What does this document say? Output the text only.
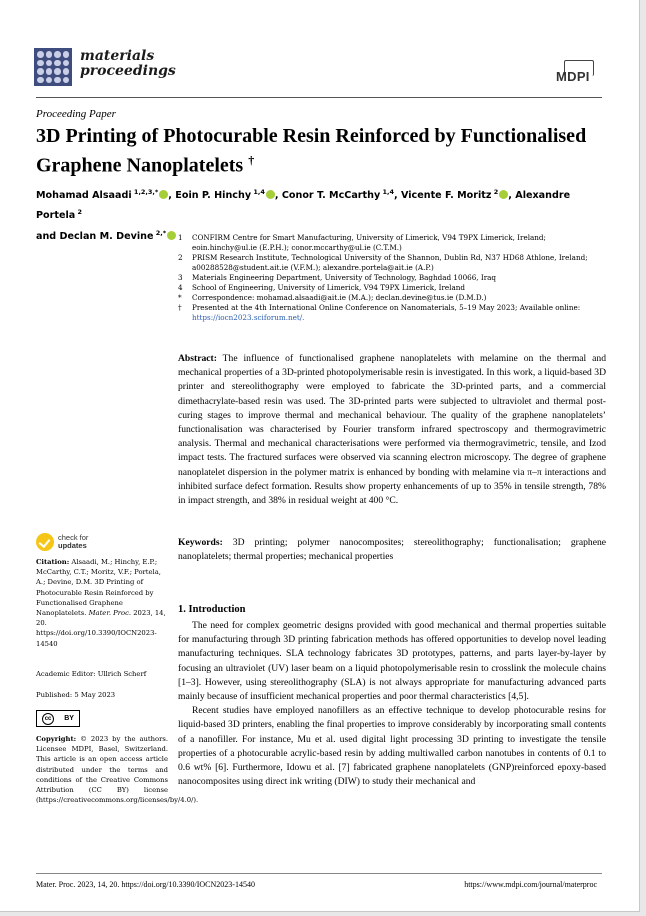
materials
proceedings	MDPI
Proceeding Paper
3D Printing of Photocurable Resin Reinforced by Functionalised Graphene Nanoplatelets †
Mohamad Alsaadi $^{1,2,3,*}$ , Eoin P. Hinchy $^{1,4}$ , Conor T. McCarthy $^{1,4}$, Vicente F. Moritz $^2$ , Alexandre Portela $^2$
and Declan M. Devine $^{2,*}$
1	CONFIRM Centre for Smart Manufacturing, University of Limerick, V94 T9PX Limerick, Ireland; eoin.hinchy@ul.ie (E.P.H.); conor.mccarthy@ul.ie (C.T.M.)
2	PRISM Research Institute, Technological University of the Shannon, Dublin Rd, N37 HD68 Athlone, Ireland; a00288528@student.ait.ie (V.F.M.); alexandre.portela@ait.ie (A.P.)
3	Materials Engineering Department, University of Technology, Baghdad 10066, Iraq
4	School of Engineering, University of Limerick, V94 T9PX Limerick, Ireland
*	Correspondence: mohamad.alsaadi@ait.ie (M.A.); declan.devine@tus.ie (D.M.D.)
†	Presented at the 4th International Online Conference on Nanomaterials, 5–19 May 2023; Available online: https://iocn2023.sciforum.net/.
Abstract: The influence of functionalised graphene nanoplatelets with melamine on the thermal and mechanical properties of a 3D-printed photopolymerisable resin is investigated. In this work, a liquid-based 3D printer and stereolithography were employed to fabricate the 3D-printed parts, and a commercial dimethacrylate-based resin was used. The 3D-printed parts were subjected to ultraviolet and thermal post-curing stages to improve thermal and mechanical behaviour. The quality of the graphene nanoplatelets’ functionalisation was characterised by Fourier transform infrared spectroscopy and thermogravimetric analysis. Thermal and mechanical characterisations were performed via thermogravimetric, tensile, and Izod impact tests. The fractured surfaces were observed via scanning electron microscopy. The degree of graphene nanoplatelet dispersion in the polymer matrix is enhanced by bonding with melamine via π–π interactions and inhibited surface defect formation. Results show property enhancements of up to 35% in tensile strength, 78% in impact strength, and 38% in residual weight at 400 °C.
Keywords: 3D printing; polymer nanocomposites; stereolithography; functionalisation; graphene nanoplatelets; thermal properties; mechanical properties
check for
updates
Citation: Alsaadi, M.; Hinchy, E.P.; McCarthy, C.T.; Moritz, V.F.; Portela, A.; Devine, D.M. 3D Printing of Photocurable Resin Reinforced by Functionalised Graphene Nanoplatelets. Mater. Proc. 2023, 14, 20. https://doi.org/10.3390/IOCN2023-14540
Academic Editor: Ullrich Scherf
Published: 5 May 2023
cc	BY
Copyright: © 2023 by the authors. Licensee MDPI, Basel, Switzerland. This article is an open access article distributed under the terms and conditions of the Creative Commons Attribution (CC BY) license (https://creativecommons.org/licenses/by/4.0/).
1. Introduction

The need for complex geometric designs provided with good mechanical and thermal properties suitable for manufacturing through 3D printing fabrication methods has offered opportunities to develop novel leading manufacturing techniques. SLA technology fabricates 3D prototypes, patterns, and parts layer-by-layer by focusing an ultraviolet (UV) laser beam on a liquid photopolymerisable resin to crosslink the molecule chains [1–3]. However, using stereolithography (SLA) is not always appropriate for manufacturing advanced parts mainly because of insufficient mechanical properties and poor thermal characteristics [4,5].

Recent studies have employed nanofillers as an effective technique to develop photocurable resins for liquid-based 3D printers, enabling the final properties to improve considerably by incorporating small contents of a nanofiller. For instance, Mu et al. used digital light processing 3D printing to investigate the tensile properties of a photocurable acrylic-based resin by adding multiwalled carbon nanotubes in contents of 0.1 to 0.6 wt% [6]. Furthermore, Idowu et al. [7] fabricated graphene nanoplatelets (GNP)reinforced epoxy-based nanocomposites using direct ink writing (DIW) to study their mechanical and

Mater. Proc. 2023, 14, 20. https://doi.org/10.3390/IOCN2023-14540	https://www.mdpi.com/journal/materproc
